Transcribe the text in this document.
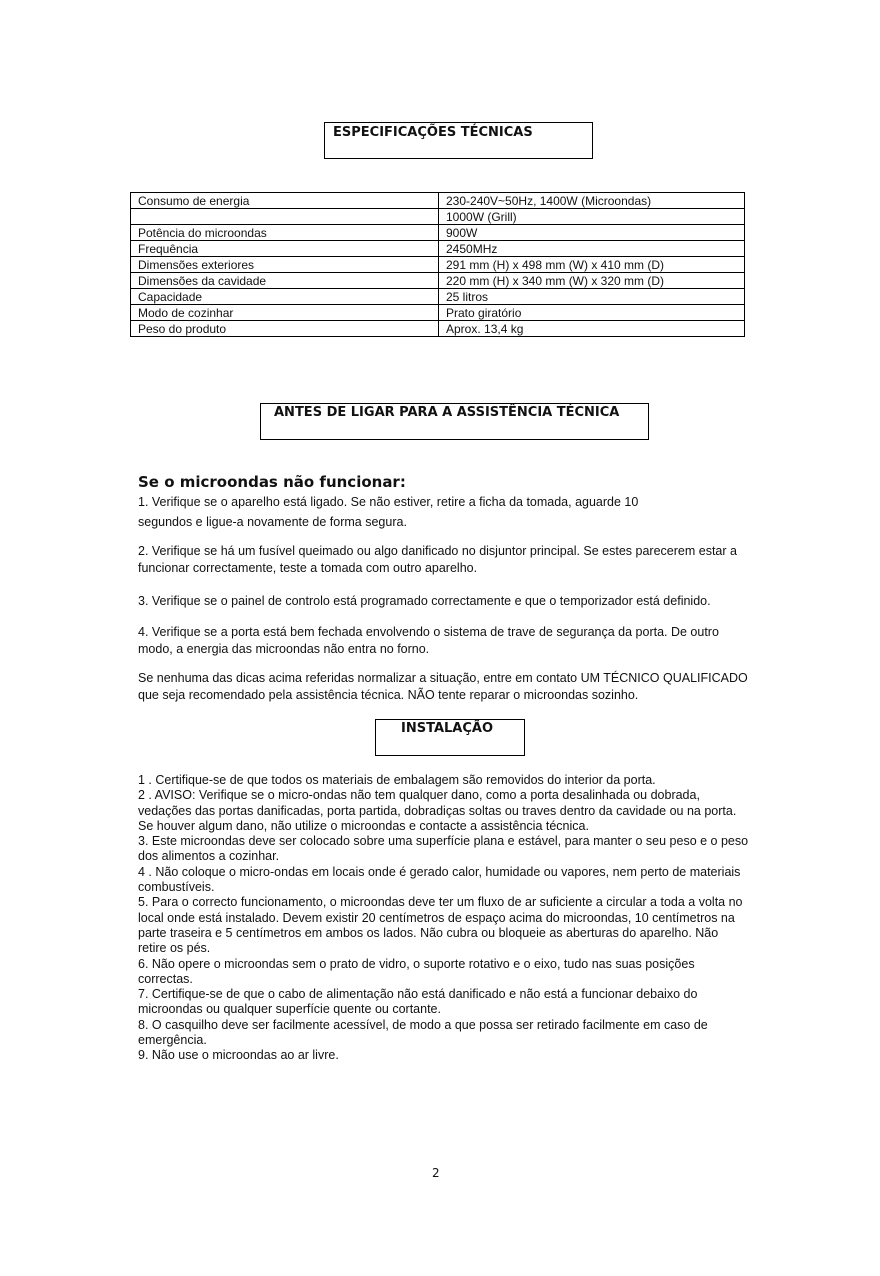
ESPECIFICAÇÕES TÉCNICAS
Consumo de energia	230-240V~50Hz, 1400W (Microondas)
	1000W (Grill)
Potência do microondas	900W
Frequência	2450MHz
Dimensões exteriores	291 mm (H) x 498 mm (W) x 410 mm (D)
Dimensões da cavidade	220 mm (H) x 340 mm (W) x 320 mm (D)
Capacidade	25 litros
Modo de cozinhar	Prato giratório
Peso do produto	Aprox. 13,4 kg
ANTES DE LIGAR PARA A ASSISTÊNCIA TÉCNICA
Se o microondas não funcionar:

1. Verifique se o aparelho está ligado. Se não estiver, retire a ficha da tomada, aguarde 10
segundos e ligue-a novamente de forma segura.

2. Verifique se há um fusível queimado ou algo danificado no disjuntor principal. Se estes parecerem estar a funcionar correctamente, teste a tomada com outro aparelho.

3. Verifique se o painel de controlo está programado correctamente e que o temporizador está definido.

4. Verifique se a porta está bem fechada envolvendo o sistema de trave de segurança da porta. De outro modo, a energia das microondas não entra no forno.

Se nenhuma das dicas acima referidas normalizar a situação, entre em contato UM TÉCNICO QUALIFICADO que seja recomendado pela assistência técnica. NÃO tente reparar o microondas sozinho.

INSTALAÇÃO
1 . Certifique-se de que todos os materiais de embalagem são removidos do interior da porta.
2 . AVISO: Verifique se o micro-ondas não tem qualquer dano, como a porta desalinhada ou dobrada, vedações das portas danificadas, porta partida, dobradiças soltas ou traves dentro da cavidade ou na porta. Se houver algum dano, não utilize o microondas e contacte a assistência técnica.
3. Este microondas deve ser colocado sobre uma superfície plana e estável, para manter o seu peso e o peso dos alimentos a cozinhar.
4 . Não coloque o micro-ondas em locais onde é gerado calor, humidade ou vapores, nem perto de materiais combustíveis.
5. Para o correcto funcionamento, o microondas deve ter um fluxo de ar suficiente a circular a toda a volta no local onde está instalado. Devem existir 20 centímetros de espaço acima do microondas, 10 centímetros na parte traseira e 5 centímetros em ambos os lados. Não cubra ou bloqueie as aberturas do aparelho. Não retire os pés.
6. Não opere o microondas sem o prato de vidro, o suporte rotativo e o eixo, tudo nas suas posições correctas.
7. Certifique-se de que o cabo de alimentação não está danificado e não está a funcionar debaixo do microondas ou qualquer superfície quente ou cortante.
8. O casquilho deve ser facilmente acessível, de modo a que possa ser retirado facilmente em caso de emergência.
9. Não use o microondas ao ar livre.
2
